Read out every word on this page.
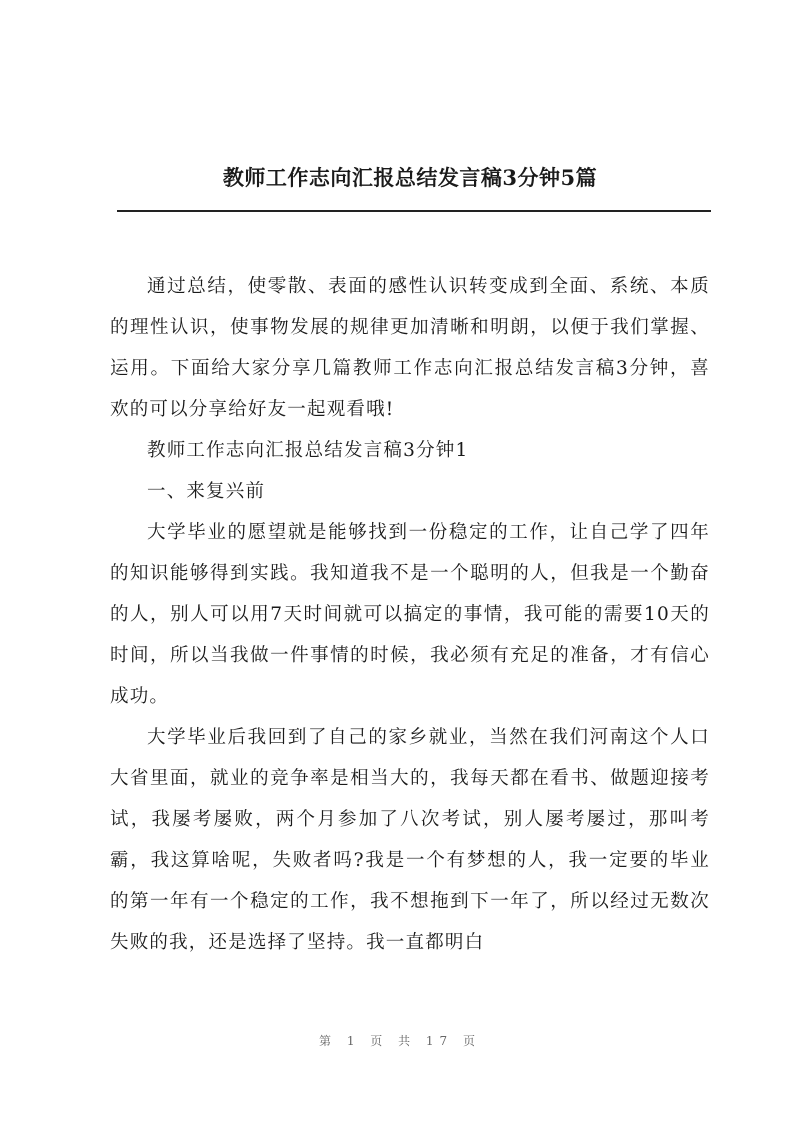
教师工作志向汇报总结发言稿3分钟5篇

通过总结，使零散、表面的感性认识转变成到全面、系统、本质的理性认识，使事物发展的规律更加清晰和明朗，以便于我们掌握、运用。下面给大家分享几篇教师工作志向汇报总结发言稿3分钟，喜欢的可以分享给好友一起观看哦!

教师工作志向汇报总结发言稿3分钟1

一、来复兴前

大学毕业的愿望就是能够找到一份稳定的工作，让自己学了四年的知识能够得到实践。我知道我不是一个聪明的人，但我是一个勤奋的人，别人可以用7天时间就可以搞定的事情，我可能的需要10天的时间，所以当我做一件事情的时候，我必须有充足的准备，才有信心成功。

大学毕业后我回到了自己的家乡就业，当然在我们河南这个人口大省里面，就业的竞争率是相当大的，我每天都在看书、做题迎接考试，我屡考屡败，两个月参加了八次考试，别人屡考屡过，那叫考霸，我这算啥呢，失败者吗?我是一个有梦想的人，我一定要的毕业的第一年有一个稳定的工作，我不想拖到下一年了，所以经过无数次失败的我，还是选择了坚持。我一直都明白

第 1 页 共 17 页
